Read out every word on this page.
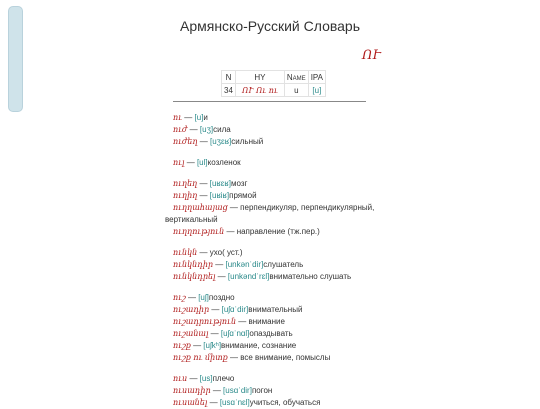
Армянско-Русский Словарь
ՈՒ
N	HY	Name	IPA
34	ՈՒ Ու ու	u	[u]
ու — [u]и
ուժ — [uʒ]сила
ուժեղ — [uʒɛʁ]сильный
ուլ — [ul]козленок
ուղեղ — [uʁɛʁ]мозг
ուղիղ — [uʁiʁ]прямой
ուղղահայաց — перпендикуляр, перпендикулярный, вертикальный
ուղղություն — направление (тж.пер.)
ունկն — ухо( уст.)
ունկնդիր — [unkənˈdir]слушатель
ունկնդրել — [unkəndˈrɛl]внимательно слушать
ուշ — [uʃ]поздно
ուշադիր — [uʃɑˈdir]внимательный
ուշադրություն — внимание
ուշանալ — [uʃɑˈnɑl]опаздывать
ուշք — [uʃkʰ]внимание, сознание
ուշք ու միտք — все внимание, помыслы
ուս — [us]плечо
ուսադիր — [usɑˈdir]погон
ուսանել — [usɑˈnɛl]учиться, обучаться
